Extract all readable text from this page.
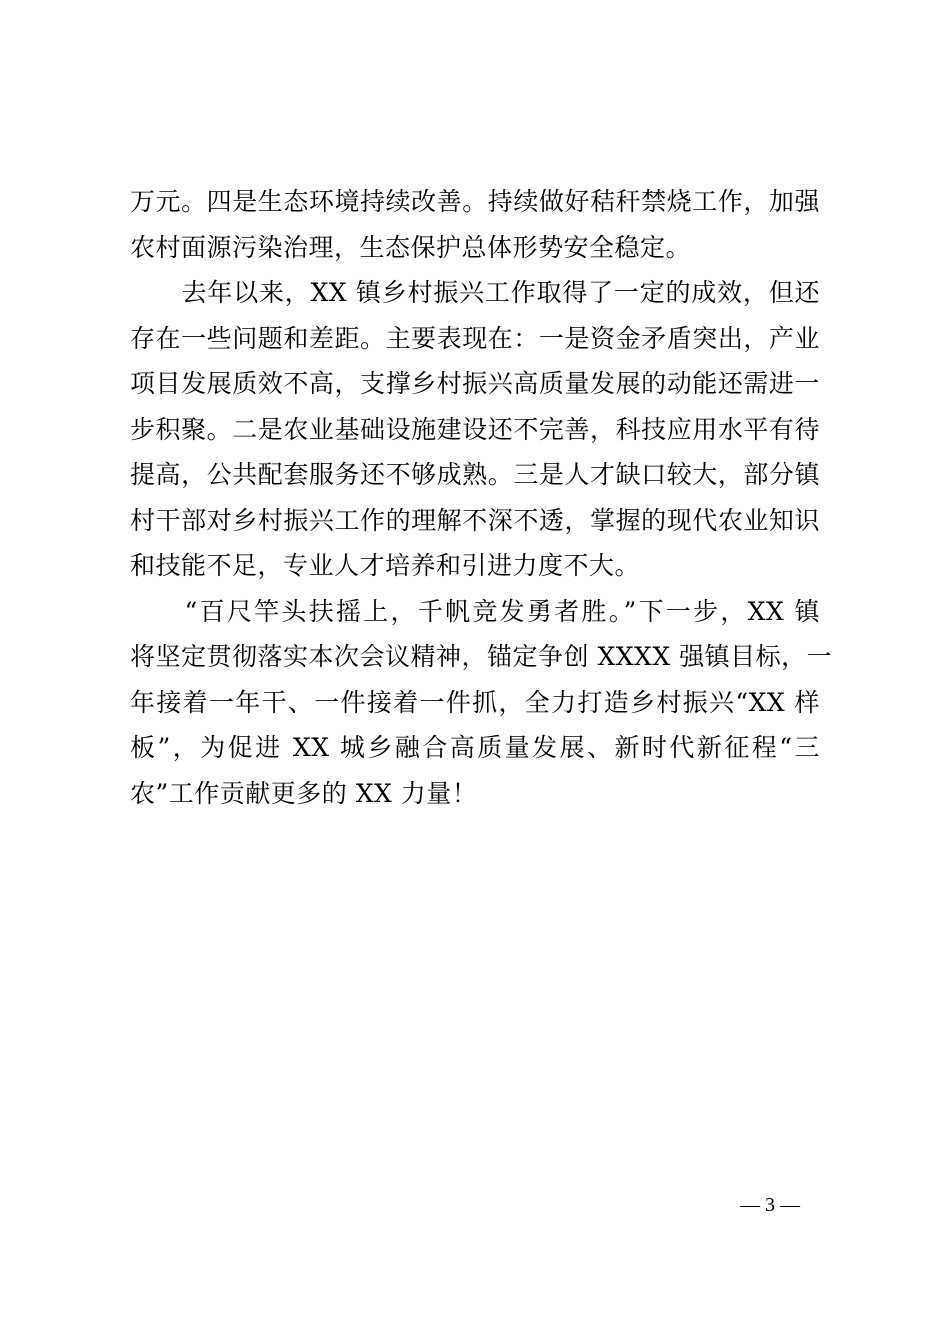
万元。四是生态环境持续改善。持续做好秸秆禁烧工作，加强
农村面源污染治理，生态保护总体形势安全稳定。
　　去年以来，XX 镇乡村振兴工作取得了一定的成效，但还
存在一些问题和差距。主要表现在：一是资金矛盾突出，产业
项目发展质效不高，支撑乡村振兴高质量发展的动能还需进一
步积聚。二是农业基础设施建设还不完善，科技应用水平有待
提高，公共配套服务还不够成熟。三是人才缺口较大，部分镇
村干部对乡村振兴工作的理解不深不透，掌握的现代农业知识
和技能不足，专业人才培养和引进力度不大。
　　“百尺竿头扶摇上，千帆竞发勇者胜。”下一步，XX 镇
将坚定贯彻落实本次会议精神，锚定争创 XXXX 强镇目标，一
年接着一年干、一件接着一件抓，全力打造乡村振兴“XX 样
板”，为促进 XX 城乡融合高质量发展、新时代新征程“三
农”工作贡献更多的 XX 力量！
— 3 —
